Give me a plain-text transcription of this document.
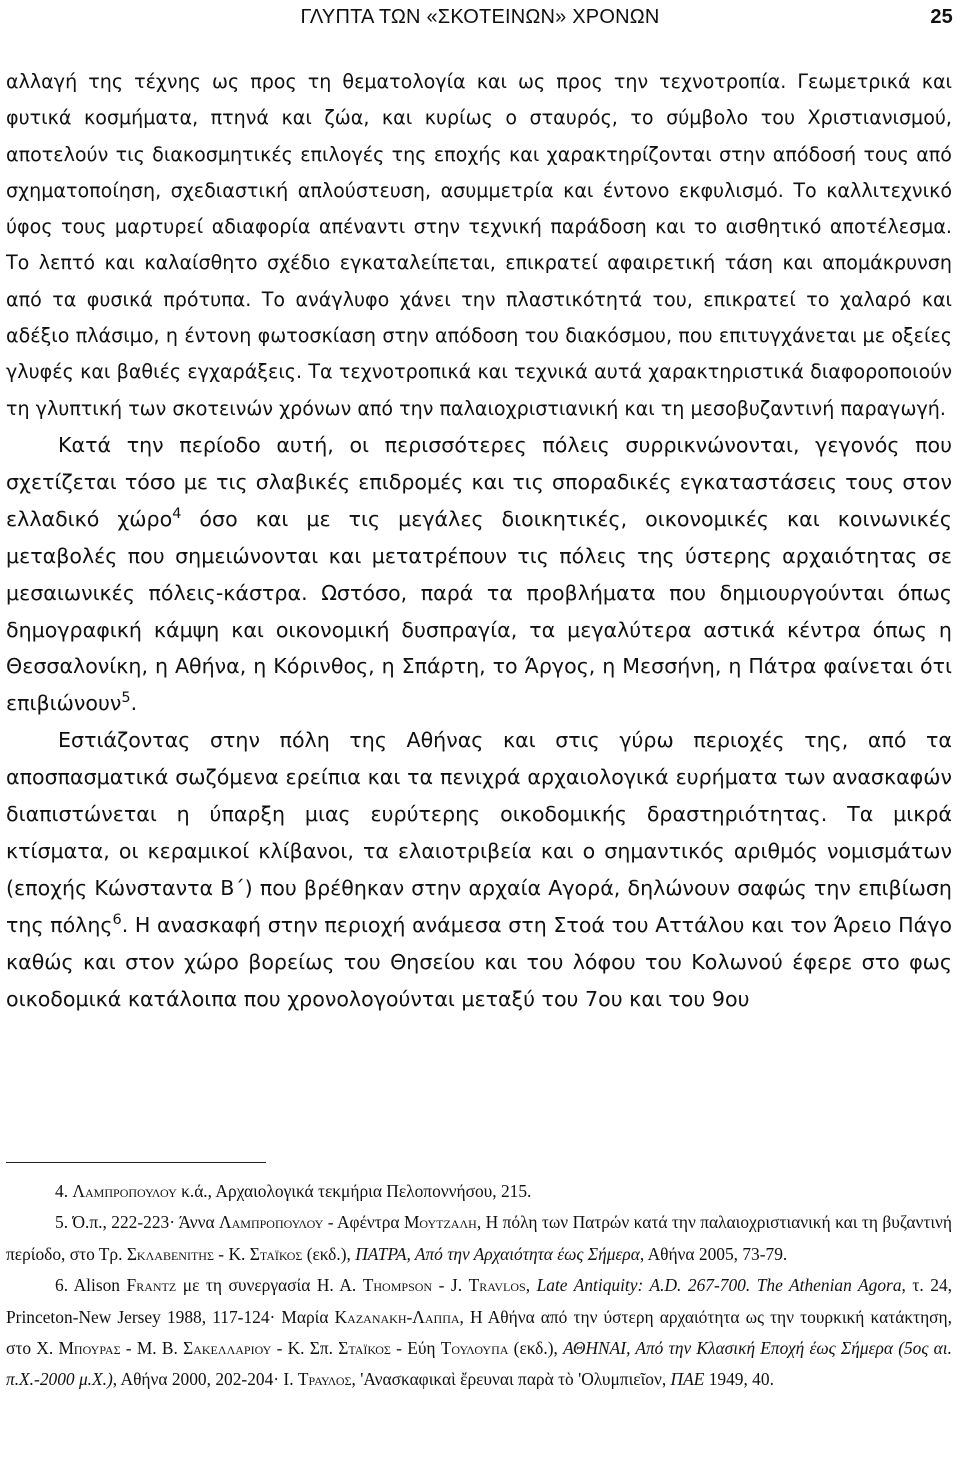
ΓΛΥΠΤΑ ΤΩΝ «ΣΚΟΤΕΙΝΩΝ» ΧΡΟΝΩΝ	25

αλλαγή της τέχνης ως προς τη θεματολογία και ως προς την τεχνοτροπία. Γεωμετρικά και φυτικά κοσμήματα, πτηνά και ζώα, και κυρίως ο σταυρός, το σύμβολο του Χριστιανισμού, αποτελούν τις διακοσμητικές επιλογές της εποχής και χαρακτηρίζονται στην απόδοσή τους από σχηματοποίηση, σχεδιαστική απλούστευση, ασυμμετρία και έντονο εκφυλισμό. Το καλλιτεχνικό ύφος τους μαρτυρεί αδιαφορία απέναντι στην τεχνική παράδοση και το αισθητικό αποτέλεσμα. Το λεπτό και καλαίσθητο σχέδιο εγκαταλείπεται, επικρατεί αφαιρετική τάση και απομάκρυνση από τα φυσικά πρότυπα. Το ανάγλυφο χάνει την πλαστικότητά του, επικρατεί το χαλαρό και αδέξιο πλάσιμο, η έντονη φωτοσκίαση στην απόδοση του διακόσμου, που επιτυγχάνεται με οξείες γλυφές και βαθιές εγχαράξεις. Τα τεχνοτροπικά και τεχνικά αυτά χαρακτηριστικά διαφοροποιούν τη γλυπτική των σκοτεινών χρόνων από την παλαιοχριστιανική και τη μεσοβυζαντινή παραγωγή.

Κατά την περίοδο αυτή, οι περισσότερες πόλεις συρρικνώνονται, γεγονός που σχετίζεται τόσο με τις σλαβικές επιδρομές και τις σποραδικές εγκαταστάσεις τους στον ελλαδικό χώρο$^4$ όσο και με τις μεγάλες διοικητικές, οικονομικές και κοινωνικές μεταβολές που σημειώνονται και μετατρέπουν τις πόλεις της ύστερης αρχαιότητας σε μεσαιωνικές πόλεις-κάστρα. Ωστόσο, παρά τα προβλήματα που δημιουργούνται όπως δημογραφική κάμψη και οικονομική δυσπραγία, τα μεγαλύτερα αστικά κέντρα όπως η Θεσσαλονίκη, η Αθήνα, η Κόρινθος, η Σπάρτη, το Άργος, η Μεσσήνη, η Πάτρα φαίνεται ότι επιβιώνουν$^5$.

Εστιάζοντας στην πόλη της Αθήνας και στις γύρω περιοχές της, από τα αποσπασματικά σωζόμενα ερείπια και τα πενιχρά αρχαιολογικά ευρήματα των ανασκαφών διαπιστώνεται η ύπαρξη μιας ευρύτερης οικοδομικής δραστηριότητας. Τα μικρά κτίσματα, οι κεραμικοί κλίβανοι, τα ελαιοτριβεία και ο σημαντικός αριθμός νομισμάτων (εποχής Κώνσταντα Β΄) που βρέθηκαν στην αρχαία Αγορά, δηλώνουν σαφώς την επιβίωση της πόλης$^6$. Η ανασκαφή στην περιοχή ανάμεσα στη Στοά του Αττάλου και τον Άρειο Πάγο καθώς και στον χώρο βορείως του Θησείου και του λόφου του Κολωνού έφερε στο φως οικοδομικά κατάλοιπα που χρονολογούνται μεταξύ του 7ου και του 9ου

4. Λαμπροπουλου κ.ά., Αρχαιολογικά τεκμήρια Πελοποννήσου, 215.

5. Ό.π., 222-223· Άννα Λαμπροπουλου - Αφέντρα Μουτζαλη, Η πόλη των Πατρών κατά την παλαιοχριστιανική και τη βυζαντινή περίοδο, στο Τρ. Σκλαβενιτης - Κ. Σταϊκος (εκδ.), ΠΑΤΡΑ, Από την Αρχαιότητα έως Σήμερα, Αθήνα 2005, 73-79.

6. Alison Frantz με τη συνεργασία H. A. Thompson - J. Travlos, Late Antiquity: A.D. 267-700. The Athenian Agora, τ. 24, Princeton-New Jersey 1988, 117-124· Μαρία Καζανακη-Λαππα, Η Αθήνα από την ύστερη αρχαιότητα ως την τουρκική κατάκτηση, στο Χ. Μπουρας - Μ. Β. Σακελλαριου - Κ. Σπ. Σταϊκος - Εύη Τουλουπα (εκδ.), ΑΘΗΝΑΙ, Από την Κλασική Εποχή έως Σήμερα (5ος αι. π.Χ.-2000 μ.Χ.), Αθήνα 2000, 202-204· Ι. Τραυλος, 'Ανασκαφικαὶ ἔρευναι παρὰ τὸ 'Ολυμπιεῖον, ΠΑΕ 1949, 40.
